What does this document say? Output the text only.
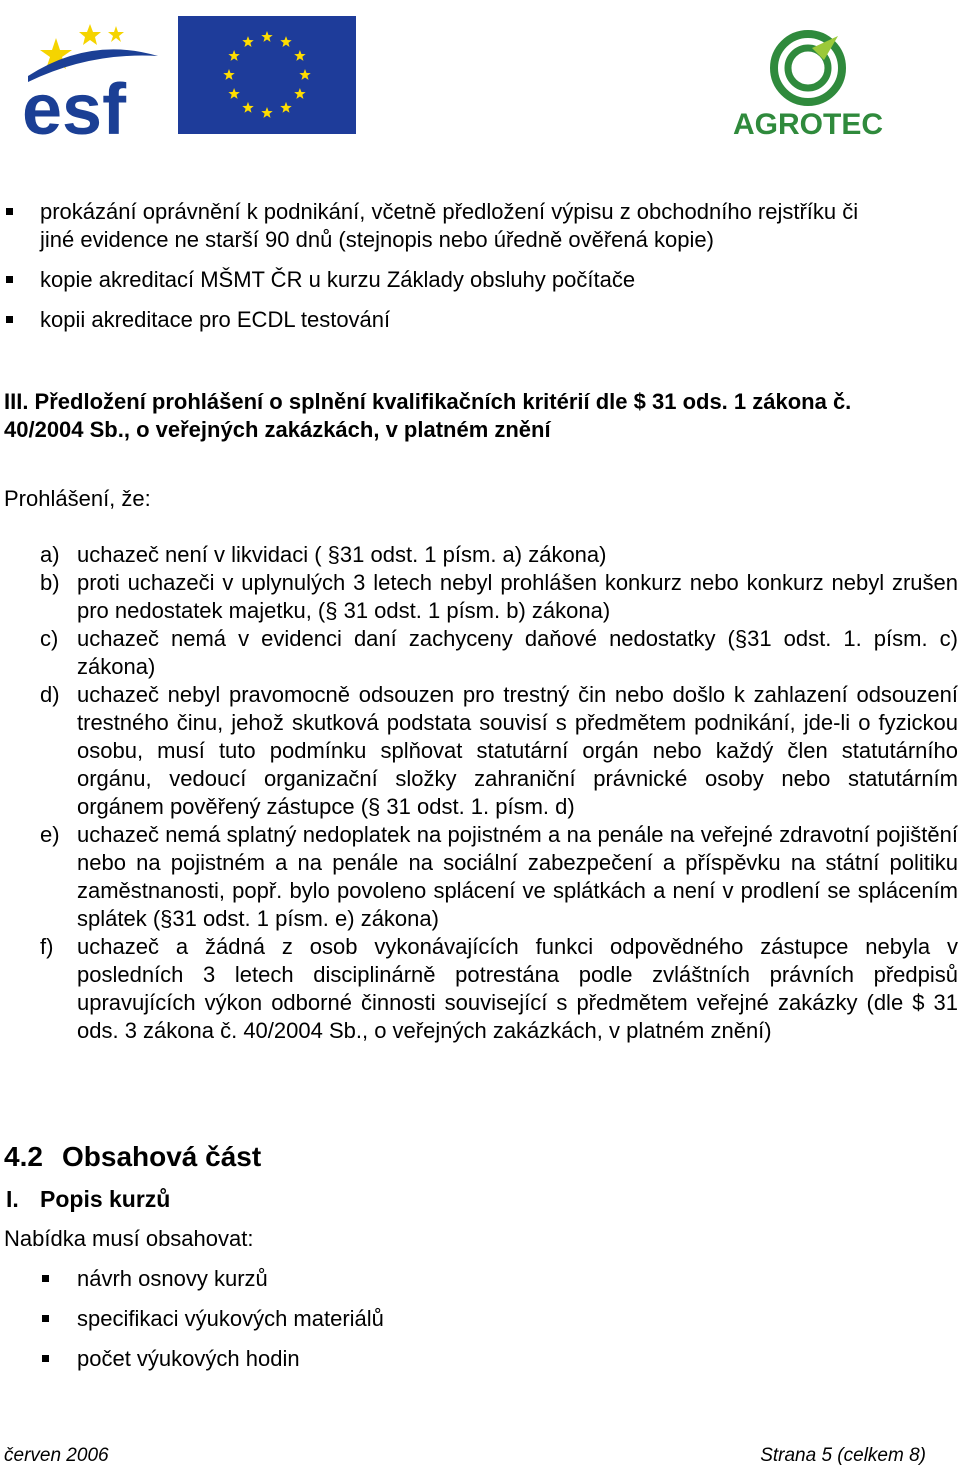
esf	AGROTEC
prokázání oprávnění k podnikání, včetně předložení výpisu z obchodního rejstříku či
jiné evidence ne starší 90 dnů (stejnopis nebo úředně ověřená kopie)
kopie akreditací MŠMT ČR u kurzu Základy obsluhy počítače
kopii akreditace pro ECDL testování
III. Předložení prohlášení o splnění kvalifikačních kritérií dle $ 31 ods. 1 zákona č.
40/2004 Sb., o veřejných zakázkách, v platném znění
Prohlášení, že:
a) uchazeč není v likvidaci ( §31 odst. 1 písm. a) zákona)
b) proti uchazeči v uplynulých 3 letech nebyl prohlášen konkurz nebo konkurz nebyl zrušen pro nedostatek majetku, (§ 31 odst. 1 písm. b) zákona)
c) uchazeč nemá v evidenci daní zachyceny daňové nedostatky (§31 odst. 1. písm. c) zákona)
d) uchazeč nebyl pravomocně odsouzen pro trestný čin nebo došlo k zahlazení odsouzení trestného činu, jehož skutková podstata souvisí s předmětem podnikání, jde-li o fyzickou osobu, musí tuto podmínku splňovat statutární orgán nebo každý člen statutárního orgánu, vedoucí organizační složky zahraniční právnické osoby nebo statutárním orgánem pověřený zástupce (§ 31 odst. 1. písm. d)
e) uchazeč nemá splatný nedoplatek na pojistném a na penále na veřejné zdravotní pojištění nebo na pojistném a na penále na sociální zabezpečení a příspěvku na státní politiku zaměstnanosti, popř. bylo povoleno splácení ve splátkách a není v prodlení se splácením splátek (§31 odst. 1 písm. e) zákona)
f)	uchazeč a žádná z osob vykonávajících funkci odpovědného zástupce nebyla v posledních 3 letech disciplinárně potrestána podle zvláštních právních předpisů upravujících výkon odborné činnosti související s předmětem veřejné zakázky (dle $ 31 ods. 3 zákona č. 40/2004 Sb., o veřejných zakázkách, v platném znění)
4.2 Obsahová část
I. Popis kurzů
Nabídka musí obsahovat:
návrh osnovy kurzů
specifikaci výukových materiálů
počet výukových hodin
červen 2006	Strana 5 (celkem 8)
